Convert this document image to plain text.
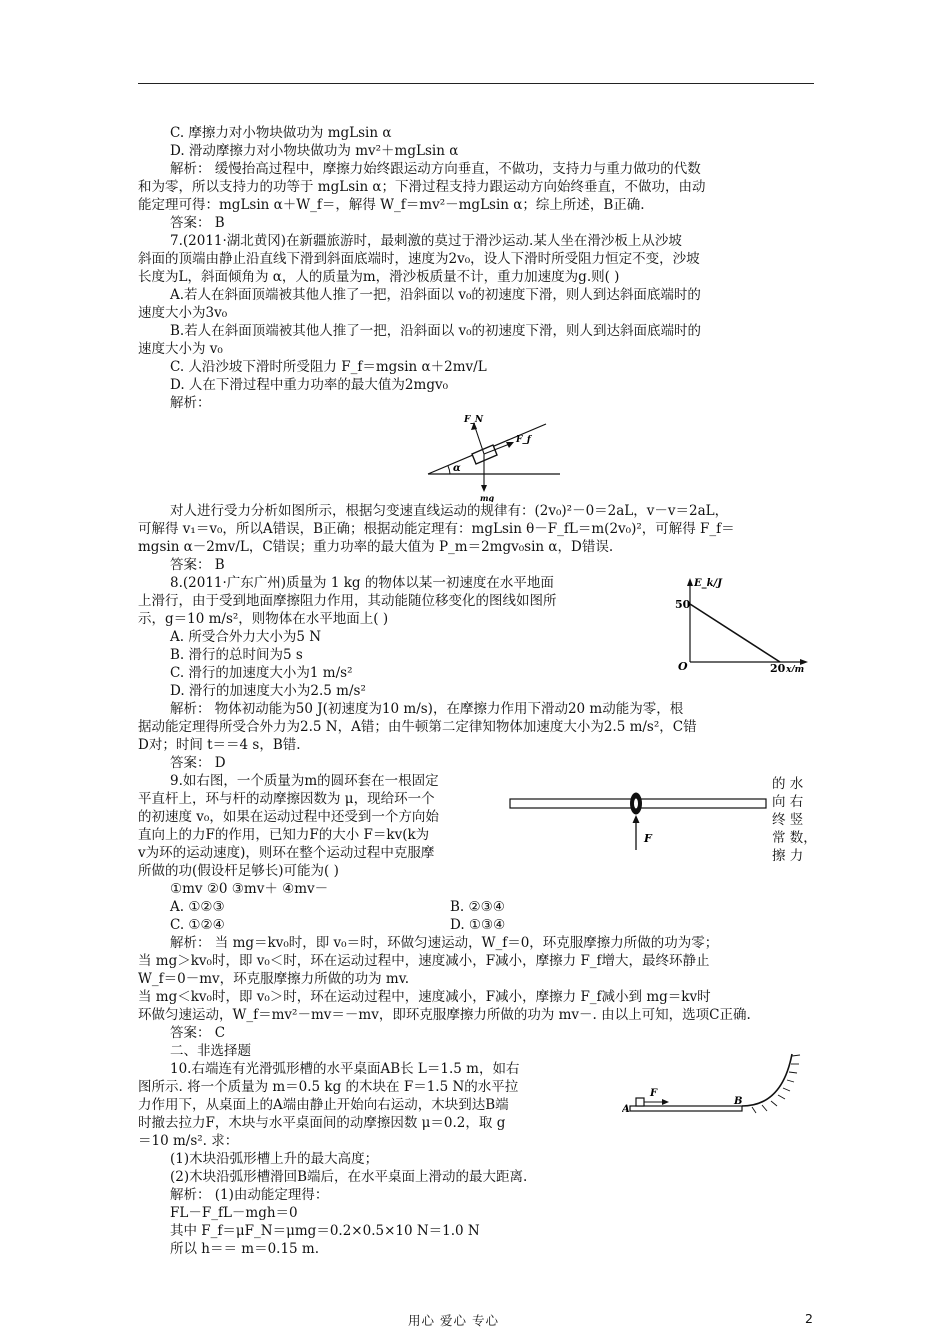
C. 摩擦力对小物块做功为 mgLsin α
D. 滑动摩擦力对小物块做功为 mv²＋mgLsin α
解析： 缓慢抬高过程中，摩擦力始终跟运动方向垂直，不做功，支持力与重力做功的代数
和为零，所以支持力的功等于 mgLsin α；下滑过程支持力跟运动方向始终垂直，不做功，由动
能定理可得：mgLsin α＋W_f＝，解得 W_f＝mv²－mgLsin α；综上所述，B正确.
答案： B
7.(2011·湖北黄冈)在新疆旅游时，最刺激的莫过于滑沙运动.某人坐在滑沙板上从沙坡
斜面的顶端由静止沿直线下滑到斜面底端时，速度为2v₀，设人下滑时所受阻力恒定不变，沙坡
长度为L，斜面倾角为 α，人的质量为m，滑沙板质量不计，重力加速度为g.则( )
A.若人在斜面顶端被其他人推了一把，沿斜面以 v₀的初速度下滑，则人到达斜面底端时的
速度大小为3v₀
B.若人在斜面顶端被其他人推了一把，沿斜面以 v₀的初速度下滑，则人到达斜面底端时的
速度大小为 v₀
C. 人沿沙坡下滑时所受阻力 F_f＝mgsin α＋2mv/L
D. 人在下滑过程中重力功率的最大值为2mgv₀
解析：
α
F_N
F_f
mg
对人进行受力分析如图所示，根据匀变速直线运动的规律有：(2v₀)²－0＝2aL，v－v＝2aL，
可解得 v₁＝v₀，所以A错误，B正确；根据动能定理有：mgLsin θ－F_fL＝m(2v₀)²，可解得 F_f＝
mgsin α－2mv/L，C错误；重力功率的最大值为 P_m＝2mgv₀sin α，D错误.
答案： B
8.(2011·广东广州)质量为 1 kg 的物体以某一初速度在水平地面
上滑行，由于受到地面摩擦阻力作用，其动能随位移变化的图线如图所
示，g＝10 m/s²，则物体在水平地面上( )
A. 所受合外力大小为5 N
B. 滑行的总时间为5 s
C. 滑行的加速度大小为1 m/s²
D. 滑行的加速度大小为2.5 m/s²
E_k/J
50
O	20 x/m
解析： 物体初动能为50 J(初速度为10 m/s)，在摩擦力作用下滑动20 m动能为零，根
据动能定理得所受合外力为2.5 N，A错；由牛顿第二定律知物体加速度大小为2.5 m/s²，C错
D对；时间 t＝＝4 s，B错.
答案： D
9.如右图，一个质量为m的圆环套在一根固定
平直杆上，环与杆的动摩擦因数为 μ，现给环一个
的初速度 v₀，如果在运动过程中还受到一个方向始
直向上的力F的作用，已知力F的大小 F＝kv(k为
v为环的运动速度)，则环在整个运动过程中克服摩
所做的功(假设杆足够长)可能为( )
的 水
向 右
终 竖
常 数，
擦 力
F
①mv ②0 ③mv＋ ④mv－
A. ①②③	B. ②③④
C. ①②④	D. ①③④
解析： 当 mg＝kv₀时，即 v₀＝时，环做匀速运动，W_f＝0，环克服摩擦力所做的功为零；
当 mg＞kv₀时，即 v₀＜时，环在运动过程中，速度减小，F减小，摩擦力 F_f增大，最终环静止
W_f＝0－mv，环克服摩擦力所做的功为 mv.
当 mg＜kv₀时，即 v₀＞时，环在运动过程中，速度减小，F减小，摩擦力 F_f减小到 mg＝kv时
环做匀速运动，W_f＝mv²－mv＝－mv，即环克服摩擦力所做的功为 mv－. 由以上可知，选项C正确.
答案： C
二、非选择题
10.右端连有光滑弧形槽的水平桌面AB长 L＝1.5 m，如右
图所示. 将一个质量为 m＝0.5 kg 的木块在 F＝1.5 N的水平拉
力作用下，从桌面上的A端由静止开始向右运动，木块到达B端
时撤去拉力F，木块与水平桌面间的动摩擦因数 μ＝0.2，取 g
＝10 m/s². 求：
(1)木块沿弧形槽上升的最大高度；
(2)木块沿弧形槽滑回B端后，在水平桌面上滑动的最大距离.
解析： (1)由动能定理得：
FL－F_fL－mgh＝0
其中 F_f＝μF_N＝μmg＝0.2×0.5×10 N＝1.0 N
所以 h＝＝ m＝0.15 m.
F
A
B
用心 爱心 专心	2
